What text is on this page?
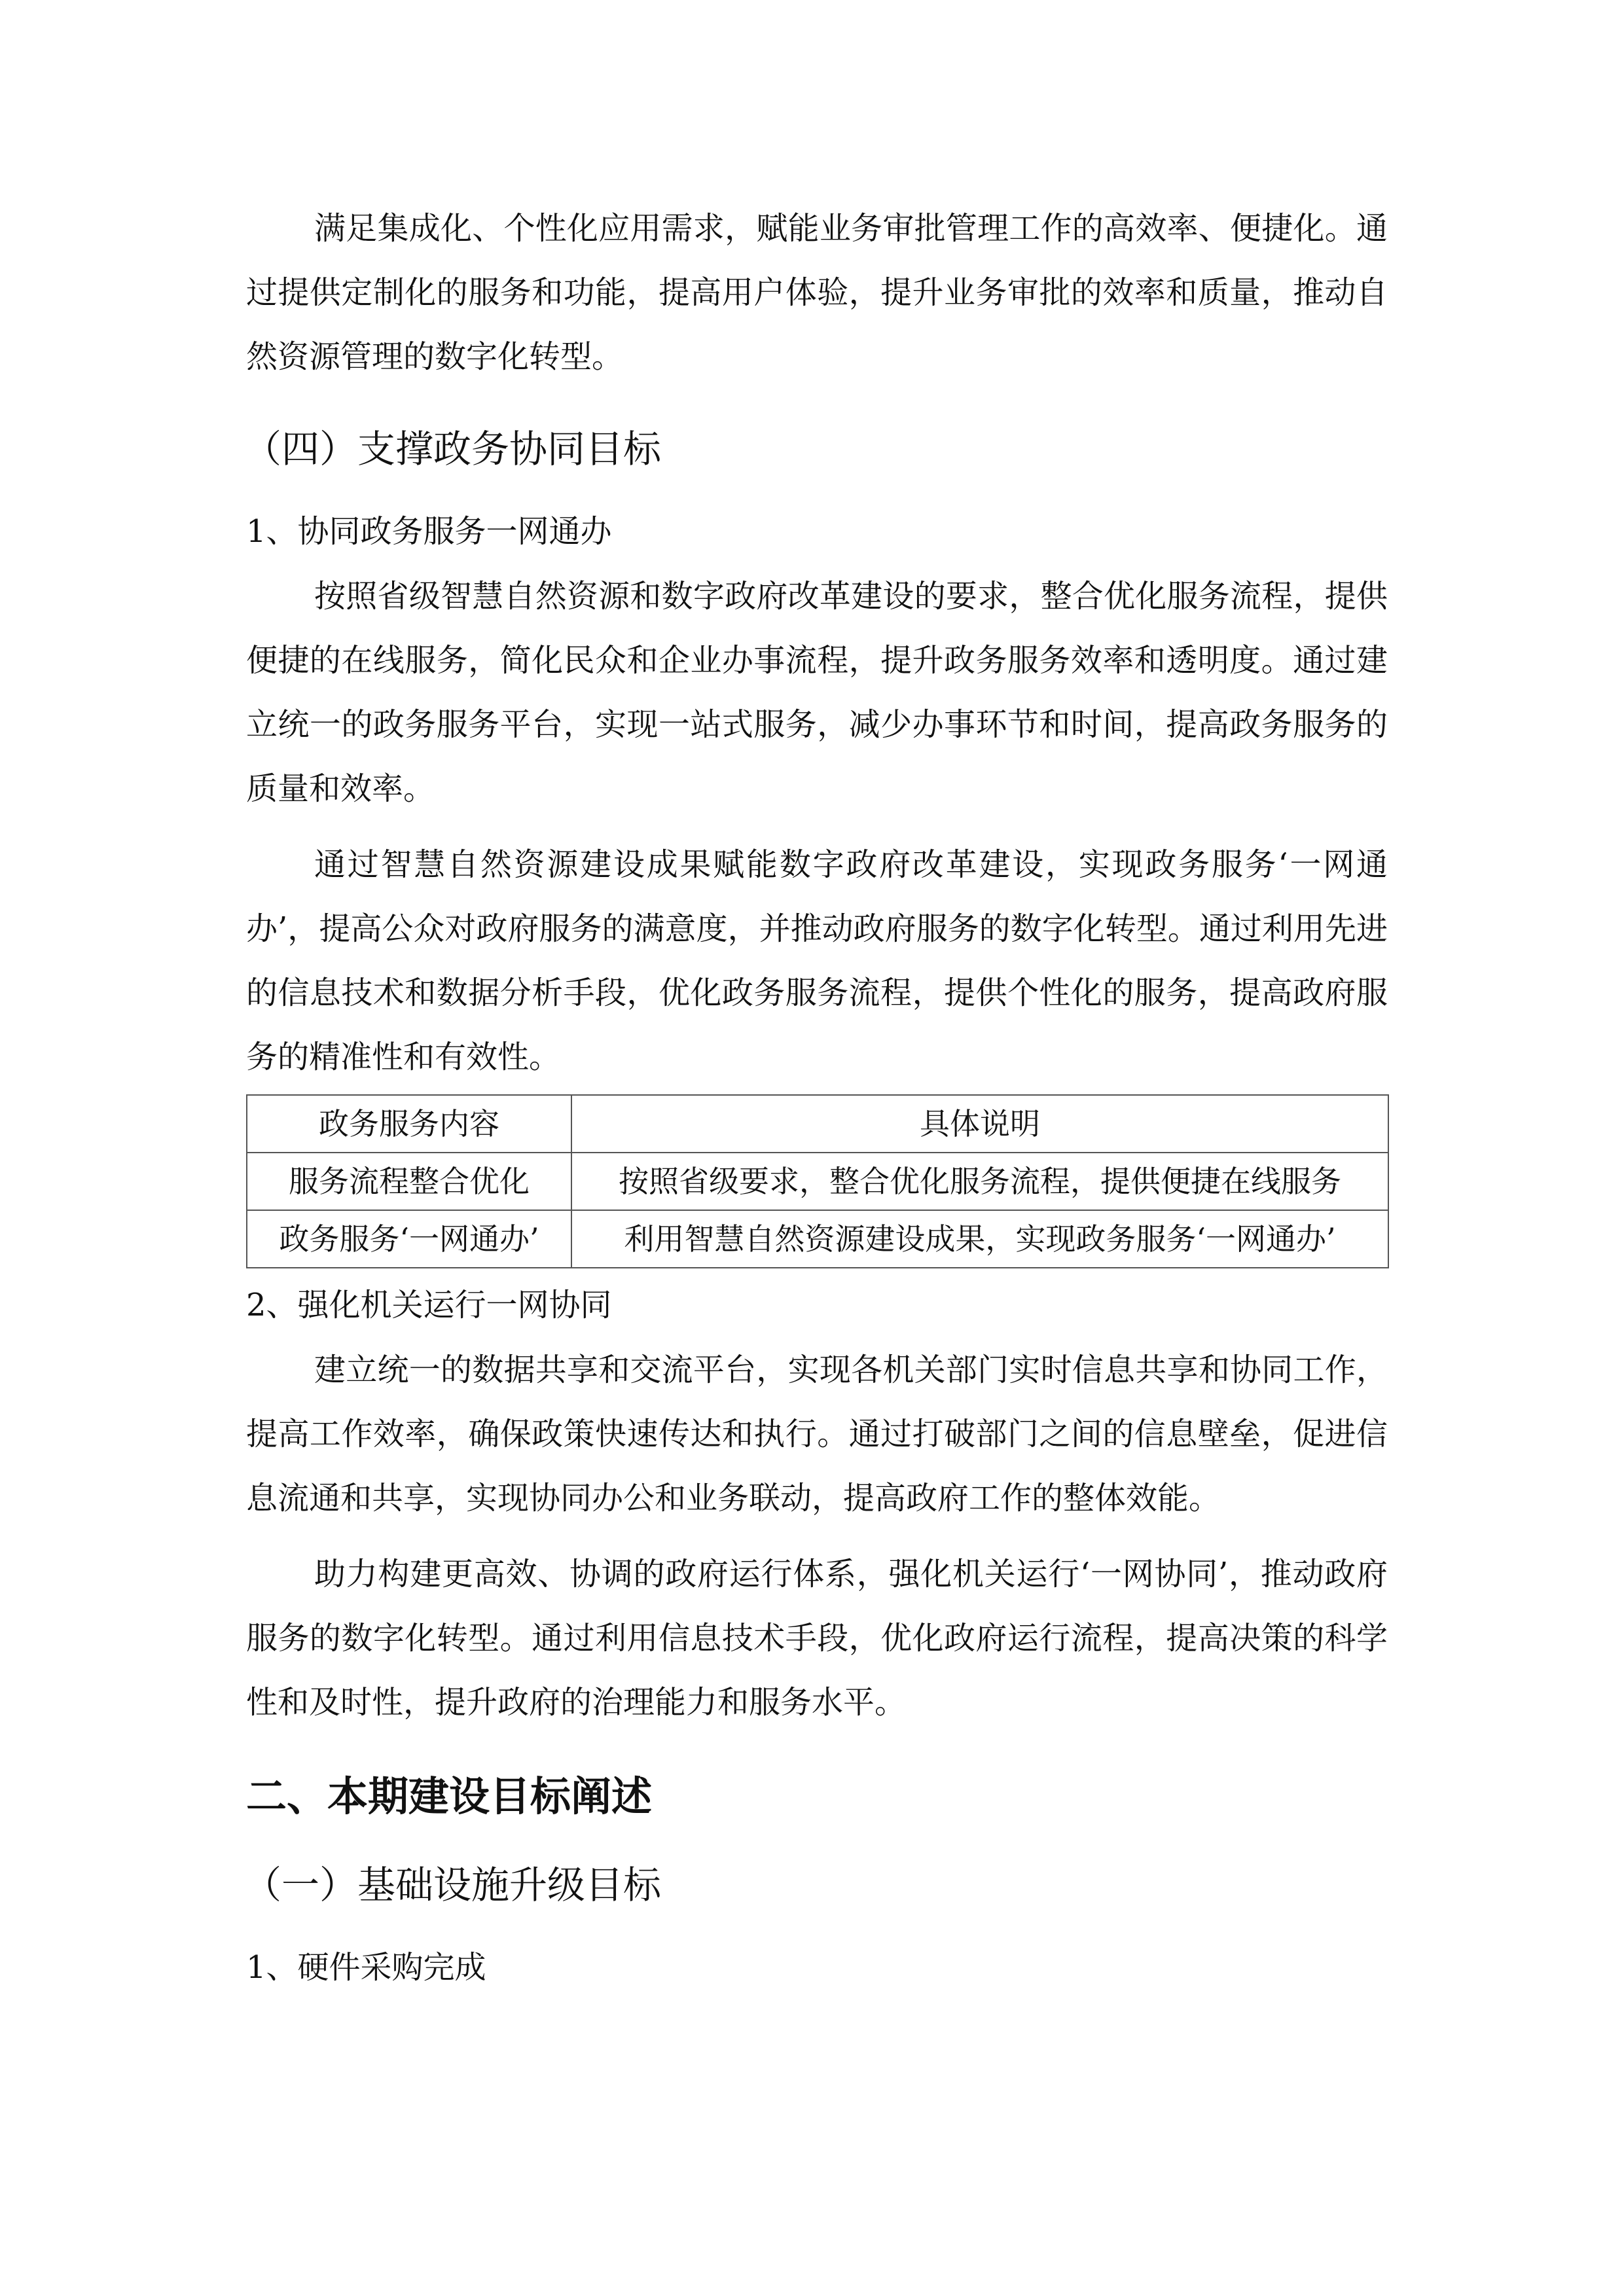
满足集成化、个性化应用需求，赋能业务审批管理工作的高效率、便捷化。通过提供定制化的服务和功能，提高用户体验，提升业务审批的效率和质量，推动自然资源管理的数字化转型。

（四）支撑政务协同目标
1、协同政务服务一网通办

按照省级智慧自然资源和数字政府改革建设的要求，整合优化服务流程，提供便捷的在线服务，简化民众和企业办事流程，提升政务服务效率和透明度。通过建立统一的政务服务平台，实现一站式服务，减少办事环节和时间，提高政务服务的质量和效率。

通过智慧自然资源建设成果赋能数字政府改革建设，实现政务服务‘一网通办’，提高公众对政府服务的满意度，并推动政府服务的数字化转型。通过利用先进的信息技术和数据分析手段，优化政务服务流程，提供个性化的服务，提高政府服务的精准性和有效性。

政务服务内容	具体说明
服务流程整合优化	按照省级要求，整合优化服务流程，提供便捷在线服务
政务服务‘一网通办’	利用智慧自然资源建设成果，实现政务服务‘一网通办’
2、强化机关运行一网协同

建立统一的数据共享和交流平台，实现各机关部门实时信息共享和协同工作，提高工作效率，确保政策快速传达和执行。通过打破部门之间的信息壁垒，促进信息流通和共享，实现协同办公和业务联动，提高政府工作的整体效能。

助力构建更高效、协调的政府运行体系，强化机关运行‘一网协同’，推动政府服务的数字化转型。通过利用信息技术手段，优化政府运行流程，提高决策的科学性和及时性，提升政府的治理能力和服务水平。

二、本期建设目标阐述
（一）基础设施升级目标
1、硬件采购完成
